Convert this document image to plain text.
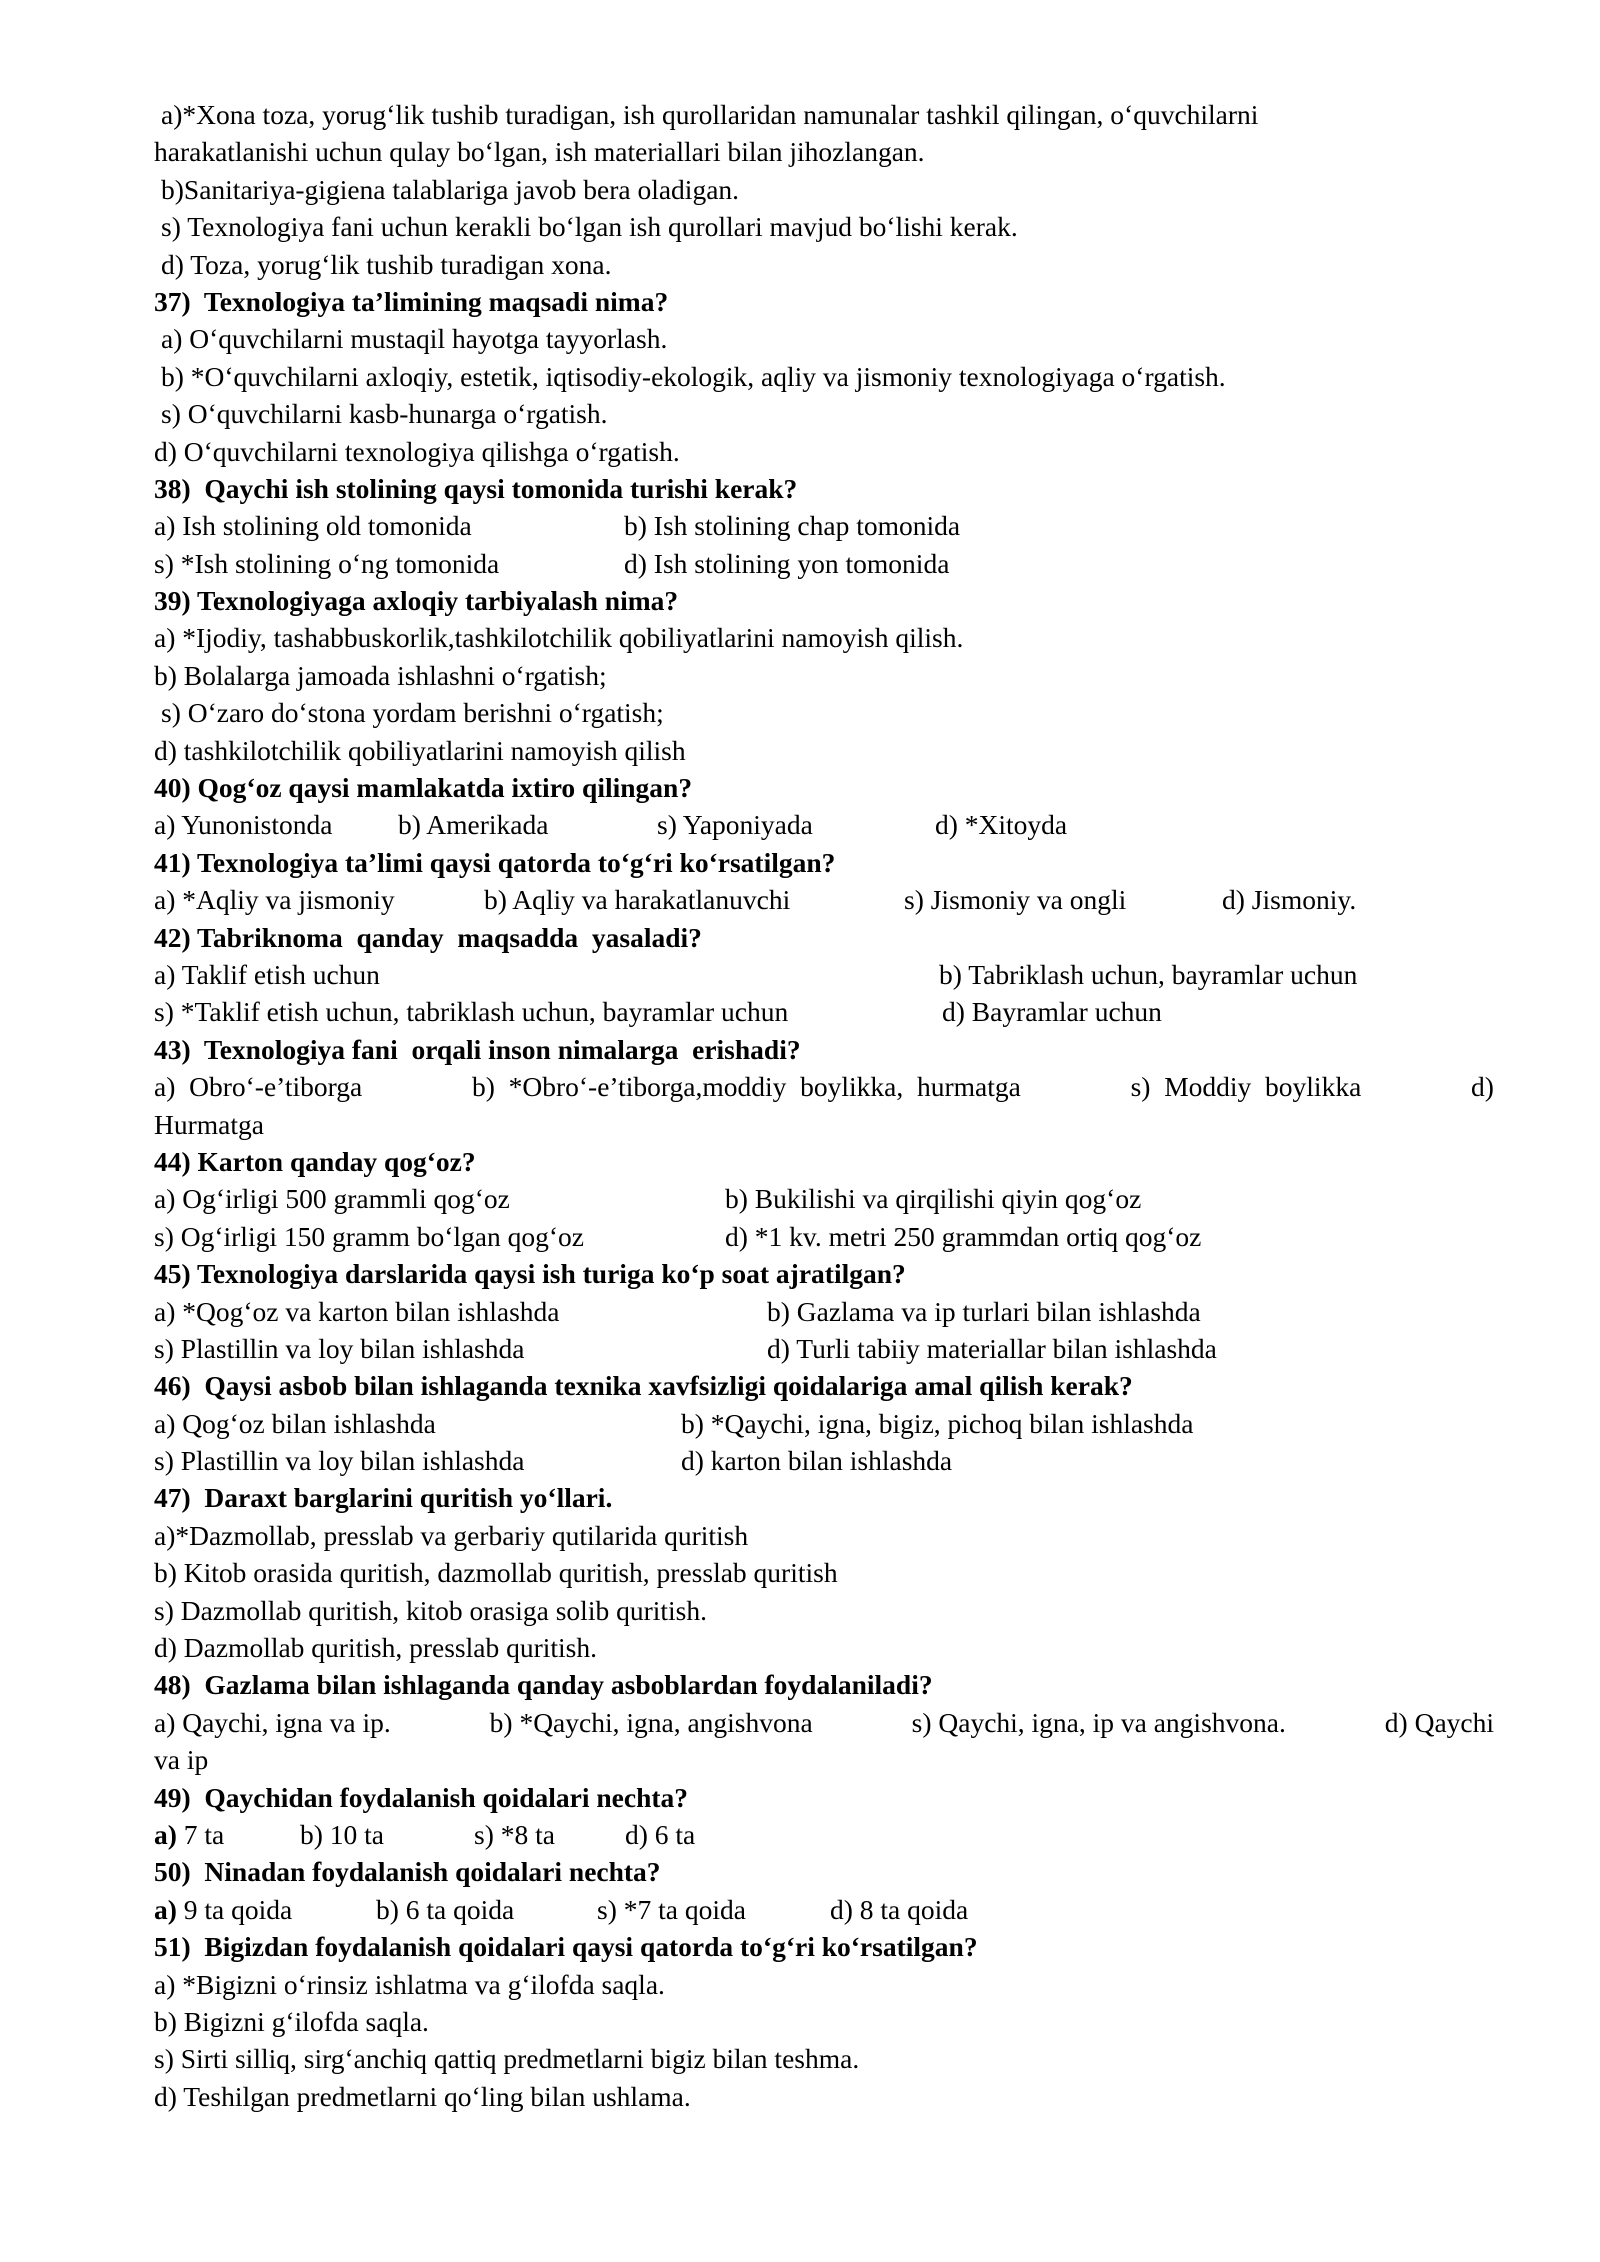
a)*Xona toza, yorugʻlik tushib turadigan, ish qurollaridan namunalar tashkil qilingan, oʻquvchilarni
harakatlanishi uchun qulay boʻlgan, ish materiallari bilan jihozlangan.
b)Sanitariya-gigiena talablariga javob bera oladigan.
s) Texnologiya fani uchun kerakli boʻlgan ish qurollari mavjud boʻlishi kerak.
d) Toza, yorugʻlik tushib turadigan xona.
37)  Texnologiya ta’limining maqsadi nima?
a) Oʻquvchilarni mustaqil hayotga tayyorlash.
b) *Oʻquvchilarni axloqiy, estetik, iqtisodiy-ekologik, aqliy va jismoniy texnologiyaga oʻrgatish.
s) Oʻquvchilarni kasb-hunarga oʻrgatish.
d) Oʻquvchilarni texnologiya qilishga oʻrgatish.
38)  Qaychi ish stolining qaysi tomonida turishi kerak?
a) Ish stolining old tomonida	b) Ish stolining chap tomonida
s) *Ish stolining oʻng tomonida	d) Ish stolining yon tomonida
39) Texnologiyaga axloqiy tarbiyalash nima?
a) *Ijodiy, tashabbuskorlik,tashkilotchilik qobiliyatlarini namoyish qilish.
b) Bolalarga jamoada ishlashni oʻrgatish;
s) Oʻzaro doʻstona yordam berishni oʻrgatish;
d) tashkilotchilik qobiliyatlarini namoyish qilish
40) Qogʻoz qaysi mamlakatda ixtiro qilingan?
a) Yunonistonda	b) Amerikada	s) Yaponiyada	d) *Xitoyda
41) Texnologiya ta’limi qaysi qatorda toʻgʻri koʻrsatilgan?
a) *Aqliy va jismoniy	b) Aqliy va harakatlanuvchi	s) Jismoniy va ongli	d) Jismoniy.
42) Tabriknoma  qanday  maqsadda  yasaladi?
a) Taklif etish uchun	b) Tabriklash uchun, bayramlar uchun
s) *Taklif etish uchun, tabriklash uchun, bayramlar uchun	d) Bayramlar uchun
43)  Texnologiya fani  orqali inson nimalarga  erishadi?
a)  Obroʻ-e’tiborga	b)  *Obroʻ-e’tiborga,moddiy  boylikka,  hurmatga	s)  Moddiy  boylikka	d)
Hurmatga
44) Karton qanday qogʻoz?
a) Ogʻirligi 500 grammli qogʻoz	b) Bukilishi va qirqilishi qiyin qogʻoz
s) Ogʻirligi 150 gramm boʻlgan qogʻoz	d) *1 kv. metri 250 grammdan ortiq qogʻoz
45) Texnologiya darslarida qaysi ish turiga koʻp soat ajratilgan?
a) *Qogʻoz va karton bilan ishlashda	b) Gazlama va ip turlari bilan ishlashda
s) Plastillin va loy bilan ishlashda	d) Turli tabiiy materiallar bilan ishlashda
46)  Qaysi asbob bilan ishlaganda texnika xavfsizligi qoidalariga amal qilish kerak?
a) Qogʻoz bilan ishlashda	b) *Qaychi, igna, bigiz, pichoq bilan ishlashda
s) Plastillin va loy bilan ishlashda	d) karton bilan ishlashda
47)  Daraxt barglarini quritish yoʻllari.
a)*Dazmollab, presslab va gerbariy qutilarida quritish
b) Kitob orasida quritish, dazmollab quritish, presslab quritish
s) Dazmollab quritish, kitob orasiga solib quritish.
d) Dazmollab quritish, presslab quritish.
48)  Gazlama bilan ishlaganda qanday asboblardan foydalaniladi?
a) Qaychi, igna va ip.	b) *Qaychi, igna, angishvona	s) Qaychi, igna, ip va angishvona.	d) Qaychi
va ip
49)  Qaychidan foydalanish qoidalari nechta?
a) 7 ta	b) 10 ta	s) *8 ta	d) 6 ta
50)  Ninadan foydalanish qoidalari nechta?
a) 9 ta qoida	b) 6 ta qoida	s) *7 ta qoida	d) 8 ta qoida
51)  Bigizdan foydalanish qoidalari qaysi qatorda toʻgʻri koʻrsatilgan?
a) *Bigizni oʻrinsiz ishlatma va gʻilofda saqla.
b) Bigizni gʻilofda saqla.
s) Sirti silliq, sirgʻanchiq qattiq predmetlarni bigiz bilan teshma.
d) Teshilgan predmetlarni qoʻling bilan ushlama.
